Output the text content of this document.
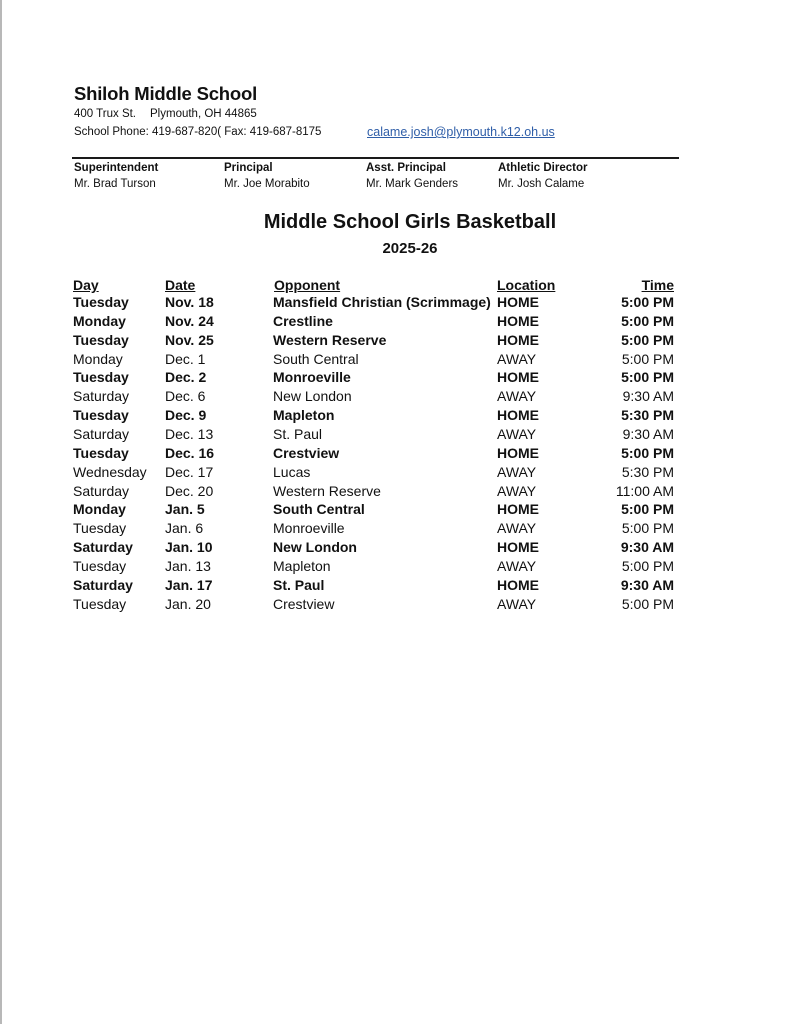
Shiloh Middle School
400 Trux St. Plymouth, OH 44865
School Phone: 419-687-820( Fax: 419-687-8175	calame.josh@plymouth.k12.oh.us
Superintendent
Mr. Brad Turson
Principal
Mr. Joe Morabito
Asst. Principal
Mr. Mark Genders
Athletic Director
Mr. Josh Calame
Middle School Girls Basketball
2025-26
Day	Date	Opponent	Location	Time
Tuesday	Nov. 18	Mansfield Christian (Scrimmage) HOME	5:00 PM
Monday	Nov. 24	Crestline	HOME	5:00 PM
Tuesday	Nov. 25	Western Reserve	HOME	5:00 PM
Monday	Dec. 1	South Central	AWAY	5:00 PM
Tuesday	Dec. 2	Monroeville	HOME	5:00 PM
Saturday	Dec. 6	New London	AWAY	9:30 AM
Tuesday	Dec. 9	Mapleton	HOME	5:30 PM
Saturday	Dec. 13	St. Paul	AWAY	9:30 AM
Tuesday	Dec. 16	Crestview	HOME	5:00 PM
Wednesday Dec. 17	Lucas	AWAY	5:30 PM
Saturday	Dec. 20	Western Reserve	AWAY	11:00 AM
Monday	Jan. 5	South Central	HOME	5:00 PM
Tuesday	Jan. 6	Monroeville	AWAY	5:00 PM
Saturday Jan. 10	New London	HOME	9:30 AM
Tuesday	Jan. 13	Mapleton	AWAY	5:00 PM
Saturday Jan. 17	St. Paul	HOME	9:30 AM
Tuesday	Jan. 20	Crestview	AWAY	5:00 PM
